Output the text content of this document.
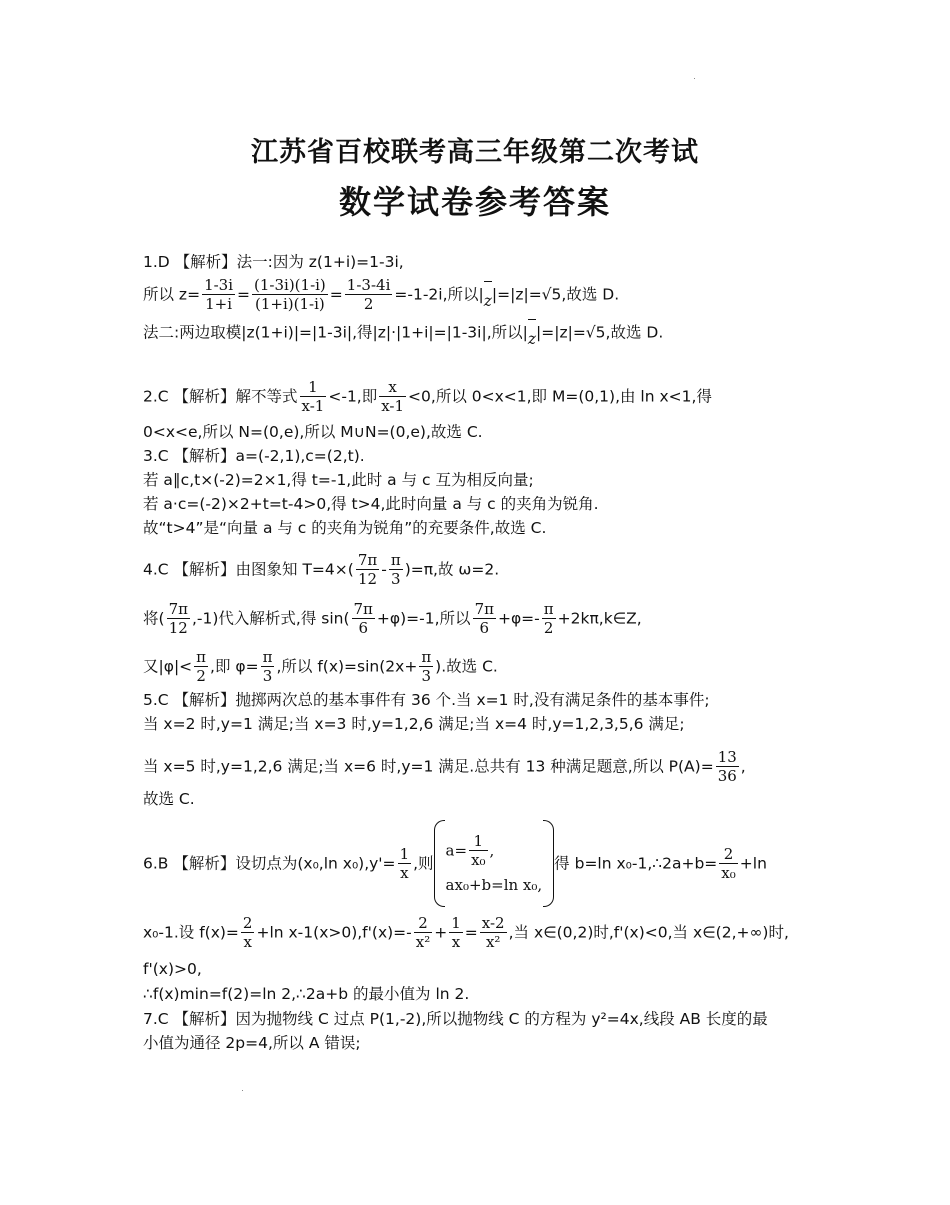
江苏省百校联考高三年级第二次考试
数学试卷参考答案
1.D 【解析】法一:因为 z(1+i)=1-3i,
所以 $z= \frac{1-3i}{1+i} = \frac{(1-3i)(1-i)}{(1+i)(1-i)} = \frac{1-3-4i}{2} =-1-2i$,所以|
z|=|z|=√5,故选 D.
法二:两边取模|z(1+i)|=|1-3i|,得|z|·|1+i|=|1-3i|,所以|
z|=|z|=√5,故选 D.
2.C 【解析】解不等式 $\frac{1}{x-1} <-1$,即 $\frac{x}{x-1} <0$,所以 0<x<1,即 M=(0,1),由 ln x<1,得
0<x<e,所以 N=(0,e),所以 M∪N=(0,e),故选 C.
3.C 【解析】a=(-2,1),c=(2,t).
若 a∥c,t×(-2)=2×1,得 t=-1,此时 a 与 c 互为相反向量;
若 a·c=(-2)×2+t=t-4>0,得 t>4,此时向量 a 与 c 的夹角为锐角.
故“t>4”是“向量 a 与 c 的夹角为锐角”的充要条件,故选 C.
4.C 【解析】由图象知 $T=4\times( \frac{7\pi}{12} - \frac{\pi}{3} )=\pi$,故 ω=2.
将( $\frac{7\pi}{12} ,-1$)代入解析式,得 $\sin( \frac{7\pi}{6} +\varphi)=-1$,所以 $\frac{7\pi}{6} +\varphi=- \frac{\pi}{2}$ +2kπ,k∈Z,
又$|\varphi|< \frac{\pi}{2}$ ,即 $\varphi= \frac{\pi}{3}$ ,所以 $f(x)=\sin(2x+ \frac{\pi}{3}$ ).故选 C.
5.C 【解析】抛掷两次总的基本事件有 36 个.当 x=1 时,没有满足条件的基本事件;
当 x=2 时,y=1 满足;当 x=3 时,y=1,2,6 满足;当 x=4 时,y=1,2,3,5,6 满足;
当 x=5 时,y=1,2,6 满足;当 x=6 时,y=1 满足.总共有 13 种满足题意,所以 $P(A)= \frac{13}{36}$ ,
故选 C.
6.B 【解析】设切点为(x₀,ln $x_0),y'= \frac{1}{x}$ ,则
$a= \frac{1}{\text{x₀}}$ ,
ax₀+b=ln x₀,
得 b=ln x₀-1,∴2a+b= $\frac{2}{\text{x₀}} +\ln$
x₀-1.设 $f(x)= \frac{2}{x} +\ln$ $x-1(x>0),f'(x)=- \frac{2}{\text{x²}} + \frac{1}{x} = \frac{x-2}{\text{x²}}$ ,当 x∈(0,2)时,f'(x)<0,当 x∈(2,+∞)时,
f'(x)>0,
∴f(x)min=f(2)=ln 2,∴2a+b 的最小值为 ln 2.
7.C 【解析】因为抛物线 C 过点 P(1,-2),所以抛物线 C 的方程为 y²=4x,线段 AB 长度的最
小值为通径 2p=4,所以 A 错误;
